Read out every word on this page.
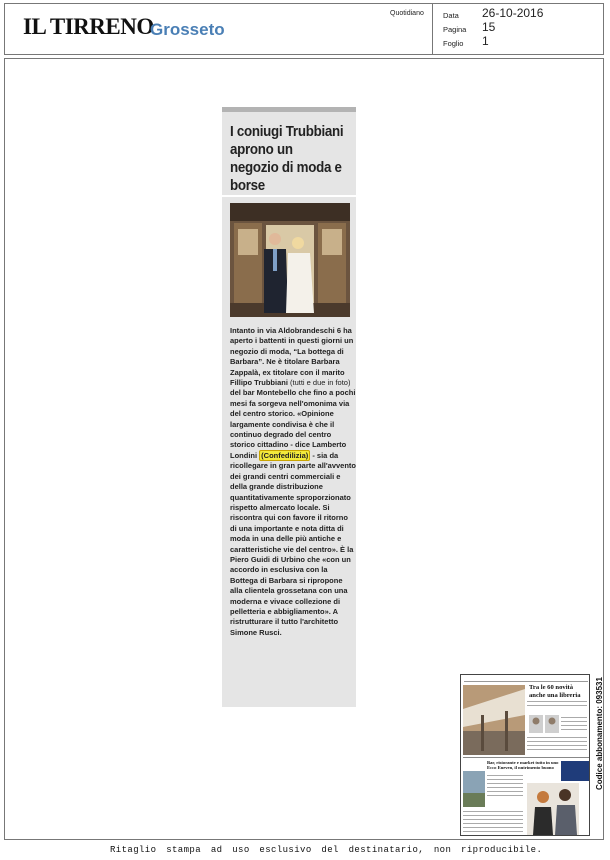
IL TIRRENO
Grosseto
Quotidiano	Data 26-10-2016
Pagina 15
Foglio 1
I coniugi Trubbiani aprono un negozio di moda e borse
Intanto in via Aldobrandeschi 6 ha aperto i battenti in questi giorni un negozio di moda, “La bottega di Barbara”. Ne è titolare Barbara Zappalà, ex titolare con il marito Fillipo Trubbiani (tutti e due in foto) del bar Montebello che fino a pochi mesi fa sorgeva nell'omonima via del centro storico. «Opinione largamente condivisa è che il continuo degrado del centro storico cittadino - dice Lamberto Londini (Confedilizia) - sia da ricollegare in gran parte all'avvento dei grandi centri commerciali e della grande distribuzione quantitativamente sproporzionato rispetto almercato locale. Si riscontra qui con favore il ritorno di una importante e nota ditta di moda in una delle più antiche e caratteristiche vie del centro». È la Piero Guidi di Urbino che «con un accordo in esclusiva con la Bottega di Barbara si ripropone alla clientela grossetana con una moderna e vivace collezione di pelletteria e abbigliamento». A ristrutturare il tutto l'architetto Simone Rusci.
Tra le 60 novità anche una libreria
Bar, ristorante e market tutto in uno Ecco Eneven, il nutrimento buono	Codice abbonamento: 093531
Ritaglio stampa ad uso esclusivo del destinatario, non riproducibile.
